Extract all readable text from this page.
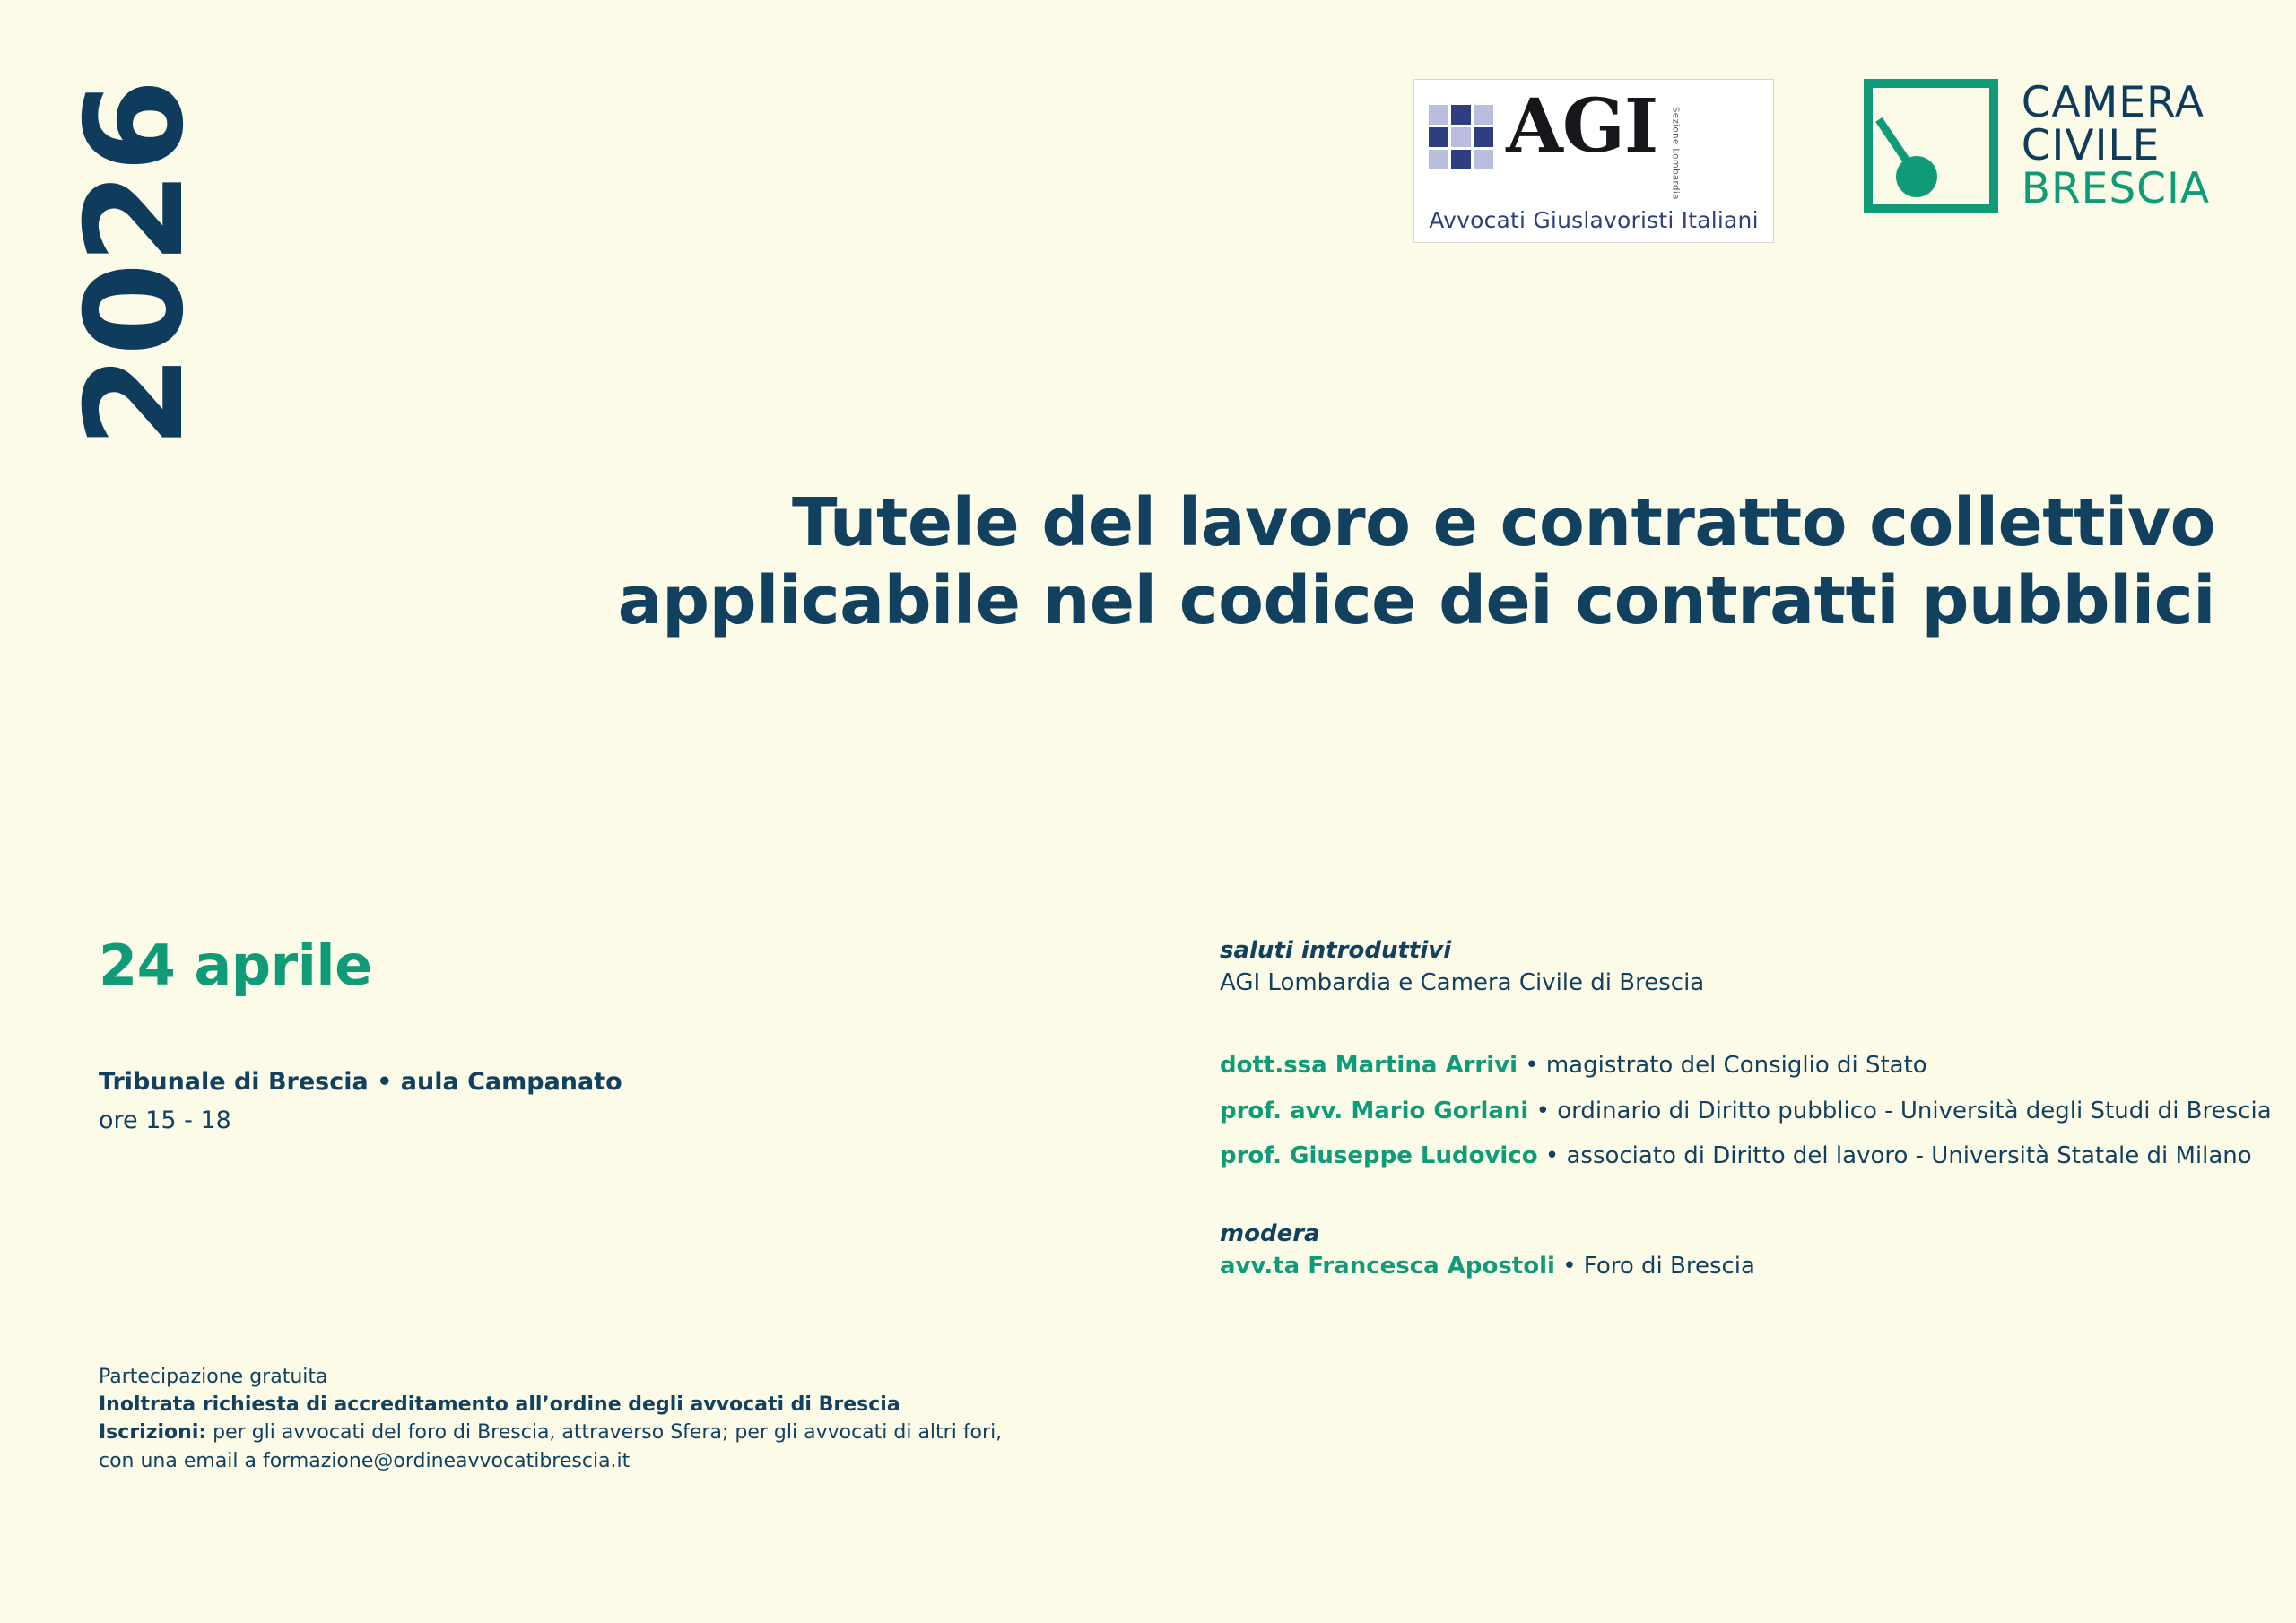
2026	AGI Sezione Lombardia
Avvocati Giuslavoristi Italiani
CAMERA
CIVILE
BRESCIA
Tutele del lavoro e contratto collettivo
applicabile nel codice dei contratti pubblici
24 aprile
Tribunale di Brescia • aula Campanato
ore 15 - 18
saluti introduttivi
AGI Lombardia e Camera Civile di Brescia
dott.ssa Martina Arrivi • magistrato del Consiglio di Stato
prof. avv. Mario Gorlani • ordinario di Diritto pubblico - Università degli Studi di Brescia
prof. Giuseppe Ludovico • associato di Diritto del lavoro - Università Statale di Milano
modera
avv.ta Francesca Apostoli • Foro di Brescia
Partecipazione gratuita
Inoltrata richiesta di accreditamento all’ordine degli avvocati di Brescia
Iscrizioni: per gli avvocati del foro di Brescia, attraverso Sfera; per gli avvocati di altri fori,
con una email a formazione@ordineavvocatibrescia.it
